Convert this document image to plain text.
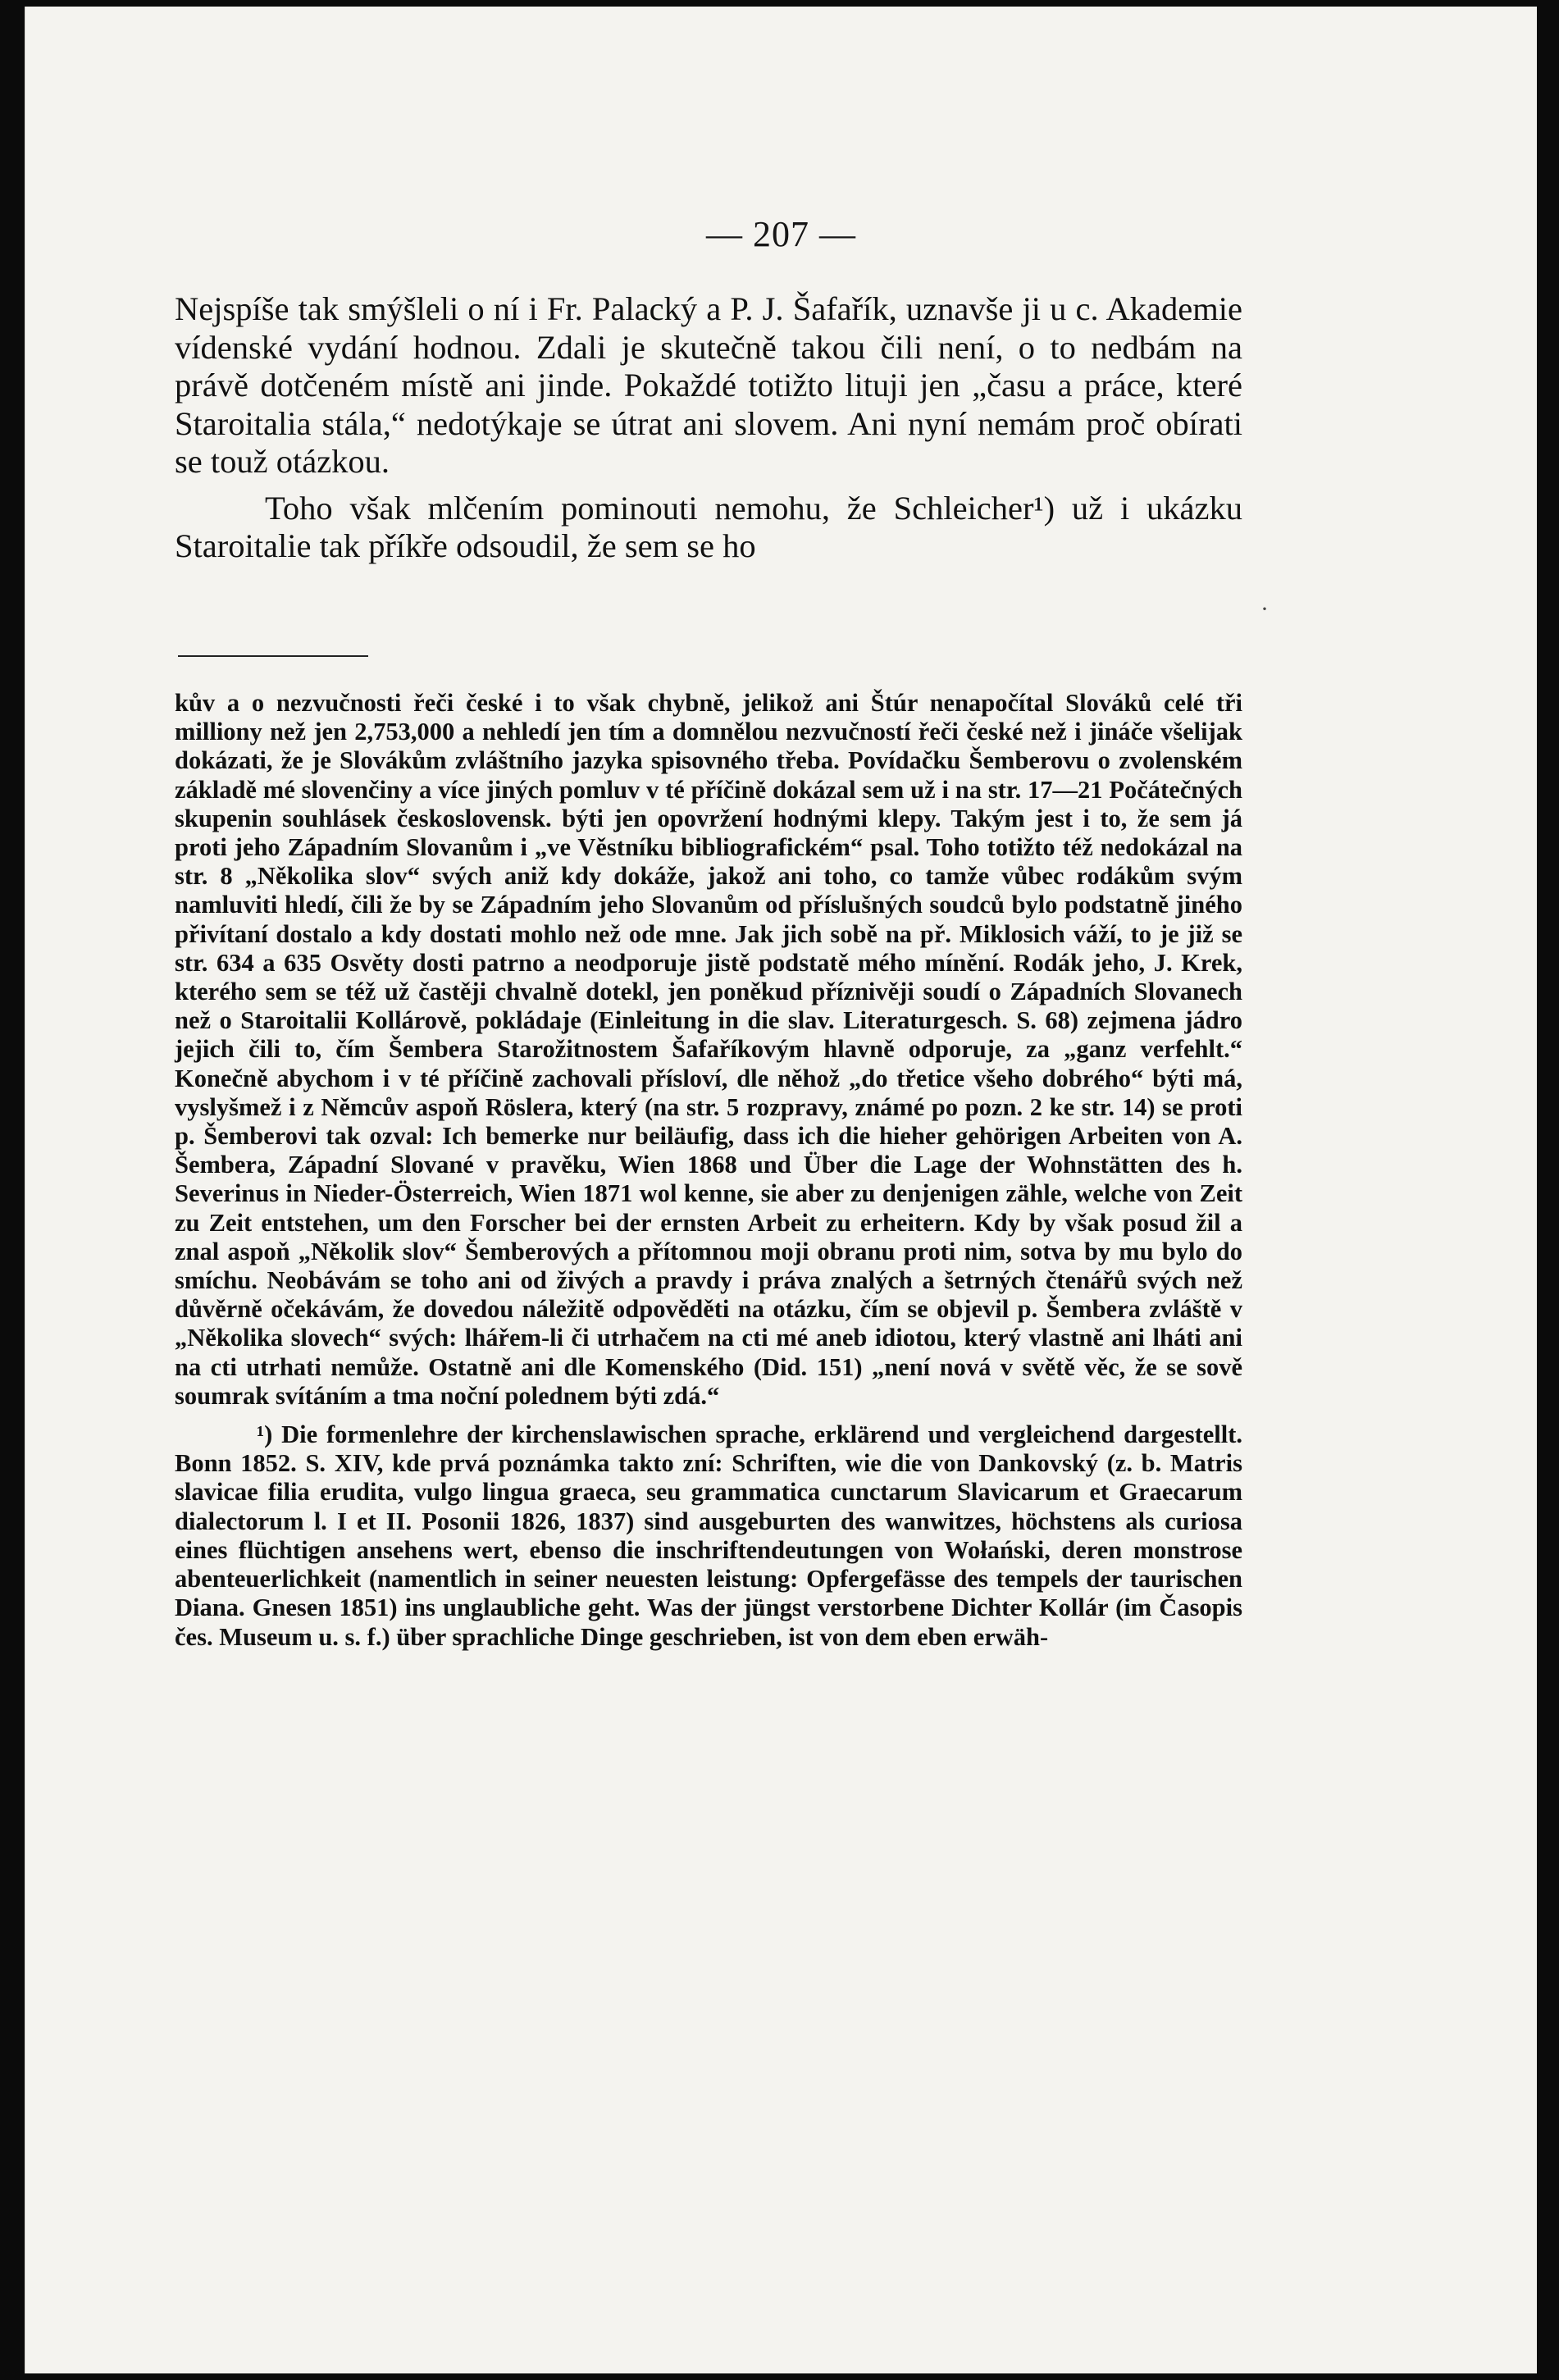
— 207 —

Nejspíše tak smýšleli o ní i Fr. Palacký a P. J. Šafařík, uznavše ji u c. Akademie vídenské vydání hodnou. Zdali je skutečně takou čili není, o to nedbám na právě dotčeném místě ani jinde. Pokaždé totižto lituji jen „času a práce, které Staroitalia stála,“ nedotýkaje se útrat ani slovem. Ani nyní nemám proč obírati se touž otázkou.

Toho však mlčením pominouti nemohu, že Schleicher¹) už i ukázku Staroitalie tak příkře odsoudil, že sem se ho

·

kův a o nezvučnosti řeči české i to však chybně, jelikož ani Štúr nenapočítal Slováků celé tři milliony než jen 2,753,000 a nehledí jen tím a domnělou nezvučností řeči české než i jináče všelijak dokázati, že je Slovákům zvláštního jazyka spisovného třeba. Povídačku Šemberovu o zvolenském základě mé slovenčiny a více jiných pomluv v té příčině dokázal sem už i na str. 17—21 Počátečných skupenin souhlásek československ. býti jen opovržení hodnými klepy. Takým jest i to, že sem já proti jeho Západním Slovanům i „ve Věstníku bibliografickém“ psal. Toho totižto též nedokázal na str. 8 „Několika slov“ svých aniž kdy dokáže, jakož ani toho, co tamže vůbec rodákům svým namluviti hledí, čili že by se Západním jeho Slovanům od příslušných soudců bylo podstatně jiného přivítaní dostalo a kdy dostati mohlo než ode mne. Jak jich sobě na př. Miklosich váží, to je již se str. 634 a 635 Osvěty dosti patrno a neodporuje jistě podstatě mého mínění. Rodák jeho, J. Krek, kterého sem se též už častěji chvalně dotekl, jen poněkud příznivěji soudí o Západních Slovanech než o Staroitalii Kollárově, pokládaje (Einleitung in die slav. Literaturgesch. S. 68) zejmena jádro jejich čili to, čím Šembera Starožitnostem Šafaříkovým hlavně odporuje, za „ganz verfehlt.“ Konečně abychom i v té příčině zachovali přísloví, dle něhož „do třetice všeho dobrého“ býti má, vyslyšmež i z Němcův aspoň Röslera, který (na str. 5 rozpravy, známé po pozn. 2 ke str. 14) se proti p. Šemberovi tak ozval: Ich bemerke nur beiläufig, dass ich die hieher gehörigen Arbeiten von A. Šembera, Západní Slované v pravěku, Wien 1868 und Über die Lage der Wohnstätten des h. Severinus in Nieder-Österreich, Wien 1871 wol kenne, sie aber zu denjenigen zähle, welche von Zeit zu Zeit entstehen, um den Forscher bei der ernsten Arbeit zu erheitern. Kdy by však posud žil a znal aspoň „Několik slov“ Šemberových a přítomnou moji obranu proti nim, sotva by mu bylo do smíchu. Neobávám se toho ani od živých a pravdy i práva znalých a šetrných čtenářů svých než důvěrně očekávám, že dovedou náležitě odpověděti na otázku, čím se objevil p. Šembera zvláště v „Několika slovech“ svých: lhářem-li či utrhačem na cti mé aneb idiotou, který vlastně ani lháti ani na cti utrhati nemůže. Ostatně ani dle Komenského (Did. 151) „není nová v světě věc, že se sově soumrak svítáním a tma noční polednem býti zdá.“

¹) Die formenlehre der kirchenslawischen sprache, erklärend und vergleichend dargestellt. Bonn 1852. S. XIV, kde prvá poznámka takto zní: Schriften, wie die von Dankovský (z. b. Matris slavicae filia erudita, vulgo lingua graeca, seu grammatica cunctarum Slavicarum et Graecarum dialectorum l. I et II. Posonii 1826, 1837) sind ausgeburten des wanwitzes, höchstens als curiosa eines flüchtigen ansehens wert, ebenso die inschriftendeutungen von Wołański, deren monstrose abenteuerlichkeit (namentlich in seiner neuesten leistung: Opfergefässe des tempels der taurischen Diana. Gnesen 1851) ins unglaubliche geht. Was der jüngst verstorbene Dichter Kollár (im Časopis čes. Museum u. s. f.) über sprachliche Dinge geschrieben, ist von dem eben erwäh-
